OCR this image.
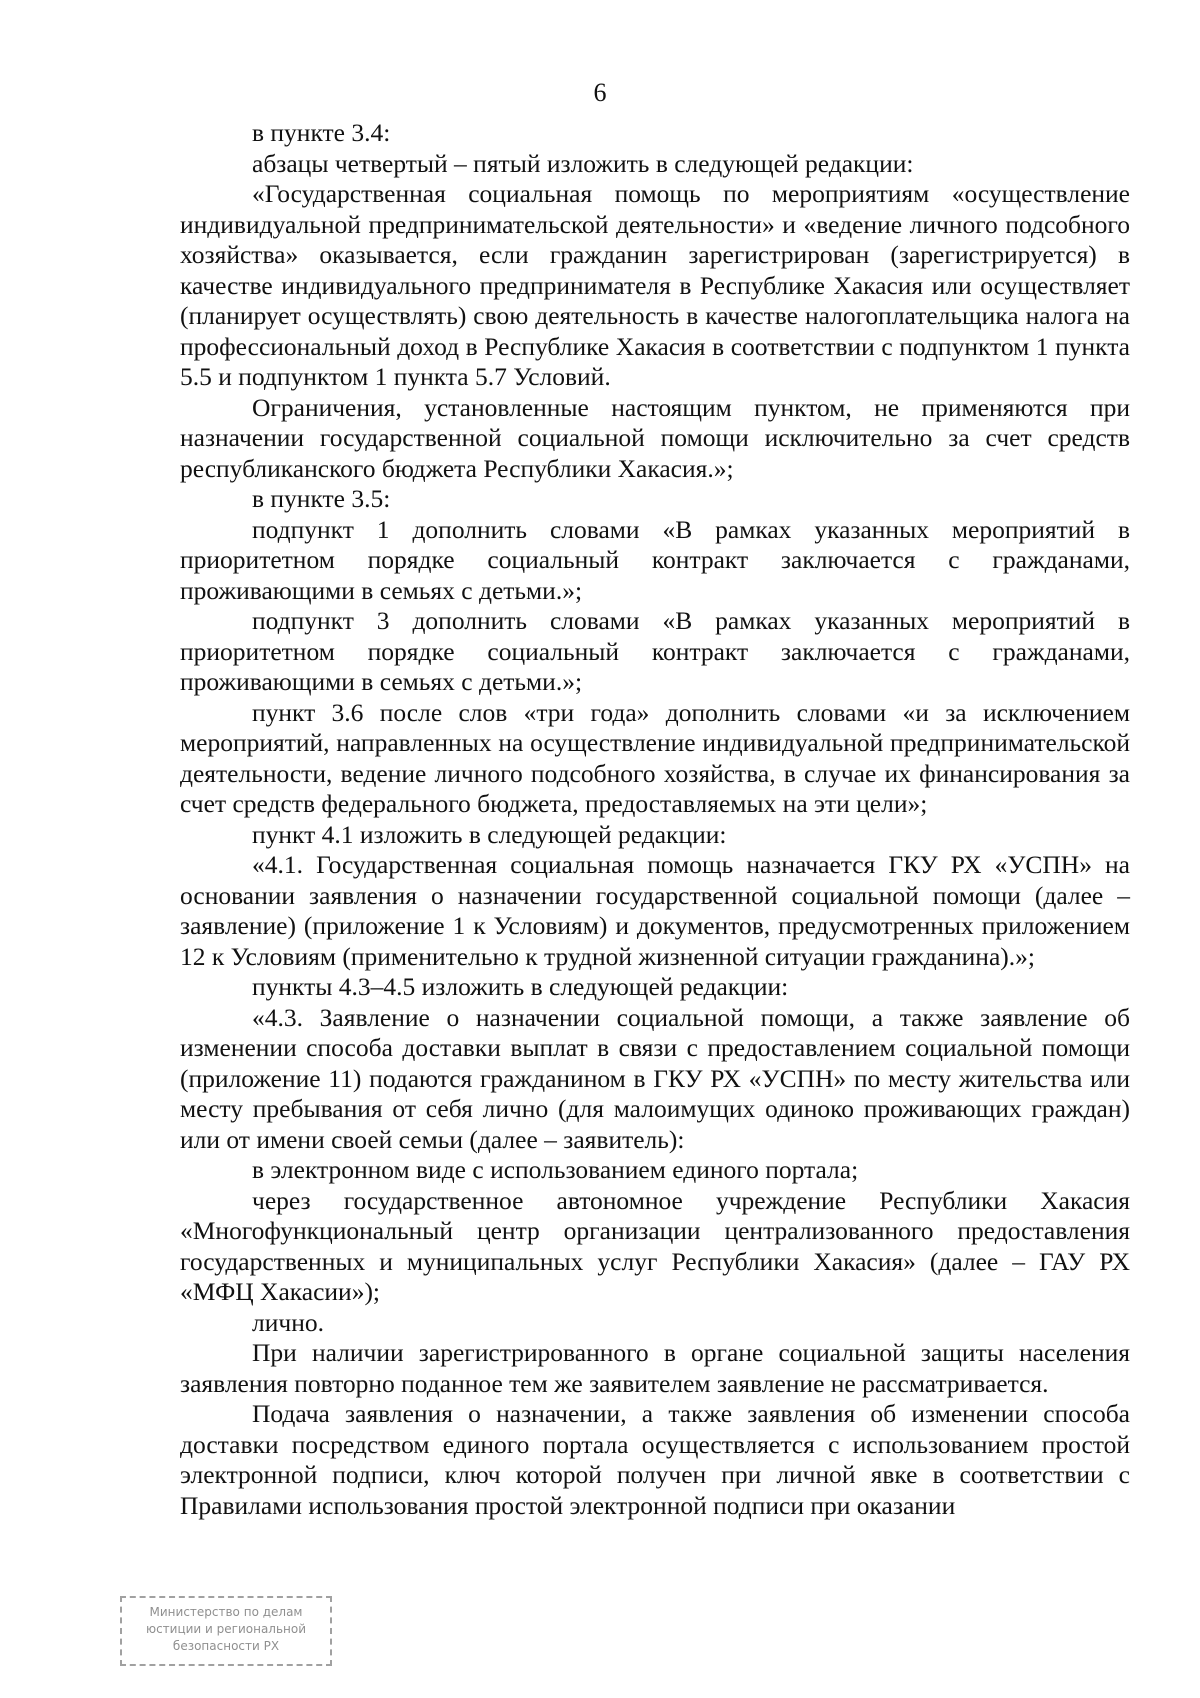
6

в пункте 3.4:

абзацы четвертый – пятый изложить в следующей редакции:

«Государственная социальная помощь по мероприятиям «осуществление индивидуальной предпринимательской деятельности» и «ведение личного подсобного хозяйства» оказывается, если гражданин зарегистрирован (зарегистрируется) в качестве индивидуального предпринимателя в Республике Хакасия или осуществляет (планирует осуществлять) свою деятельность в качестве налогоплательщика налога на профессиональный доход в Республике Хакасия в соответствии с подпунктом 1 пункта 5.5 и подпунктом 1 пункта 5.7 Условий.

Ограничения, установленные настоящим пунктом, не применяются при назначении государственной социальной помощи исключительно за счет средств республиканского бюджета Республики Хакасия.»;

в пункте 3.5:

подпункт 1 дополнить словами «В рамках указанных мероприятий в приоритетном порядке социальный контракт заключается с гражданами, проживающими в семьях с детьми.»;

подпункт 3 дополнить словами «В рамках указанных мероприятий в приоритетном порядке социальный контракт заключается с гражданами, проживающими в семьях с детьми.»;

пункт 3.6 после слов «три года» дополнить словами «и за исключением мероприятий, направленных на осуществление индивидуальной предпринимательской деятельности, ведение личного подсобного хозяйства, в случае их финансирования за счет средств федерального бюджета, предоставляемых на эти цели»;

пункт 4.1 изложить в следующей редакции:

«4.1. Государственная социальная помощь назначается ГКУ РХ «УСПН» на основании заявления о назначении государственной социальной помощи (далее – заявление) (приложение 1 к Условиям) и документов, предусмотренных приложением 12 к Условиям (применительно к трудной жизненной ситуации гражданина).»;

пункты 4.3–4.5 изложить в следующей редакции:

«4.3. Заявление о назначении социальной помощи, а также заявление об изменении способа доставки выплат в связи с предоставлением социальной помощи (приложение 11) подаются гражданином в ГКУ РХ «УСПН» по месту жительства или месту пребывания от себя лично (для малоимущих одиноко проживающих граждан) или от имени своей семьи (далее – заявитель):

в электронном виде с использованием единого портала;

через государственное автономное учреждение Республики Хакасия «Многофункциональный центр организации централизованного предоставления государственных и муниципальных услуг Республики Хакасия» (далее – ГАУ РХ «МФЦ Хакасии»);

лично.

При наличии зарегистрированного в органе социальной защиты населения заявления повторно поданное тем же заявителем заявление не рассматривается.

Подача заявления о назначении, а также заявления об изменении способа доставки посредством единого портала осуществляется с использованием простой электронной подписи, ключ которой получен при личной явке в соответствии с Правилами использования простой электронной подписи при оказании

Министерство по делам
юстиции и региональной
безопасности РХ
